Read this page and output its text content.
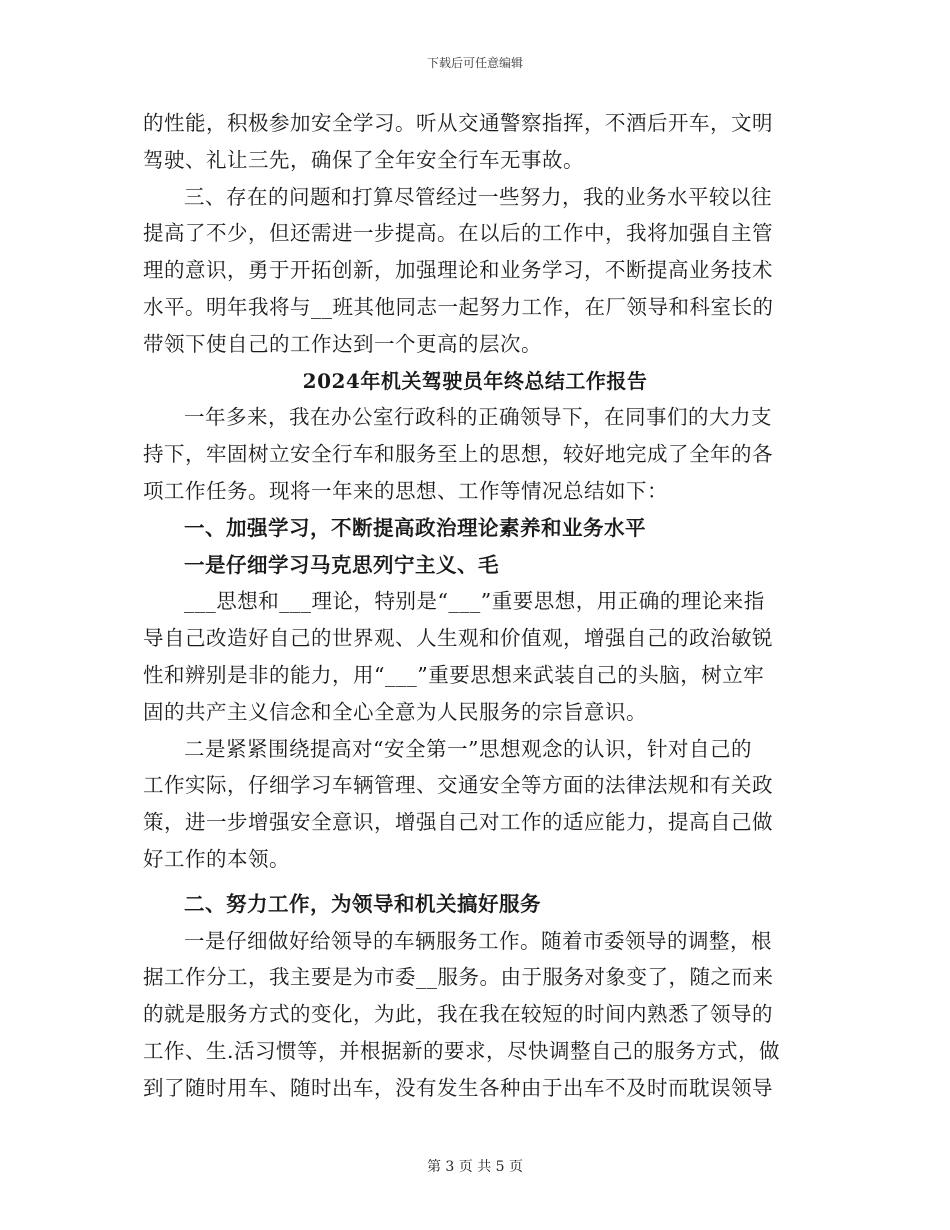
下载后可任意编辑
的性能，积极参加安全学习。听从交通警察指挥，不酒后开车，文明
驾驶、礼让三先，确保了全年安全行车无事故。
三、存在的问题和打算尽管经过一些努力，我的业务水平较以往
提高了不少，但还需进一步提高。在以后的工作中，我将加强自主管
理的意识，勇于开拓创新，加强理论和业务学习，不断提高业务技术
水平。明年我将与__班其他同志一起努力工作，在厂领导和科室长的
带领下使自己的工作达到一个更高的层次。
2024年机关驾驶员年终总结工作报告
一年多来，我在办公室行政科的正确领导下，在同事们的大力支
持下，牢固树立安全行车和服务至上的思想，较好地完成了全年的各
项工作任务。现将一年来的思想、工作等情况总结如下：
一、加强学习，不断提高政治理论素养和业务水平
一是仔细学习马克思列宁主义、毛
___思想和___理论，特别是“___”重要思想，用正确的理论来指
导自己改造好自己的世界观、人生观和价值观，增强自己的政治敏锐
性和辨别是非的能力，用“___”重要思想来武装自己的头脑，树立牢
固的共产主义信念和全心全意为人民服务的宗旨意识。
二是紧紧围绕提高对“安全第一”思想观念的认识，针对自己的
工作实际，仔细学习车辆管理、交通安全等方面的法律法规和有关政
策，进一步增强安全意识，增强自己对工作的适应能力，提高自己做
好工作的本领。
二、努力工作，为领导和机关搞好服务
一是仔细做好给领导的车辆服务工作。随着市委领导的调整，根
据工作分工，我主要是为市委__服务。由于服务对象变了，随之而来
的就是服务方式的变化，为此，我在我在较短的时间内熟悉了领导的
工作、生.活习惯等，并根据新的要求，尽快调整自己的服务方式，做
到了随时用车、随时出车，没有发生各种由于出车不及时而耽误领导
第 3 页 共 5 页
